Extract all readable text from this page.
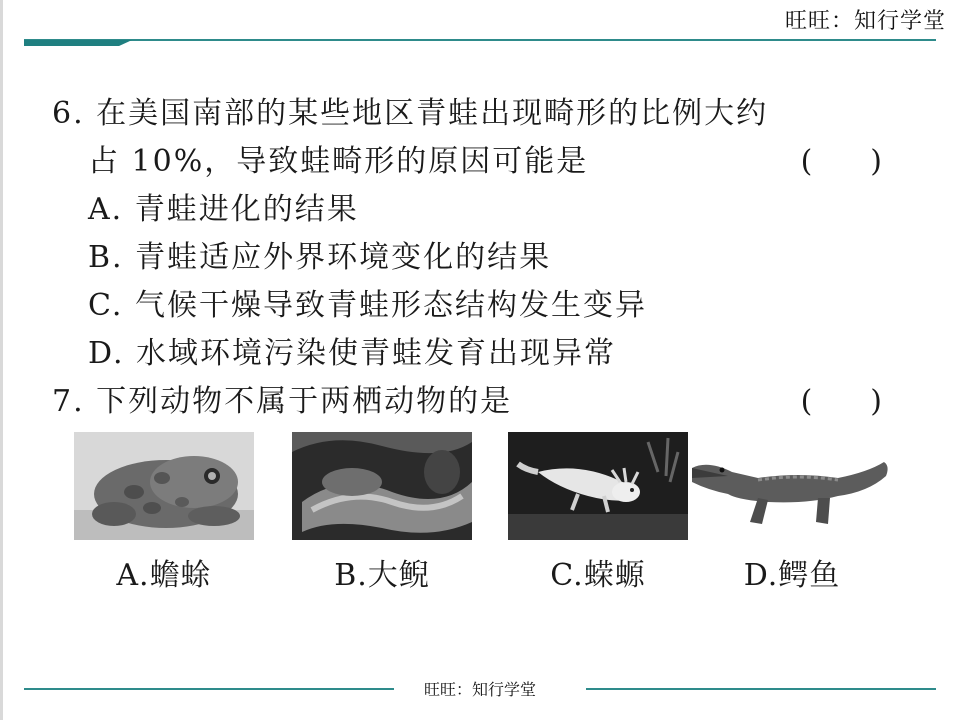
旺旺：知行学堂
6. 在美国南部的某些地区青蛙出现畸形的比例大约
占 10%，导致蛙畸形的原因可能是	( )
A. 青蛙进化的结果
B. 青蛙适应外界环境变化的结果
C. 气候干燥导致青蛙形态结构发生变异
D. 水域环境污染使青蛙发育出现异常
7. 下列动物不属于两栖动物的是	( )
A.蟾蜍	B.大鲵	C.蝾螈	D.鳄鱼
旺旺：知行学堂
